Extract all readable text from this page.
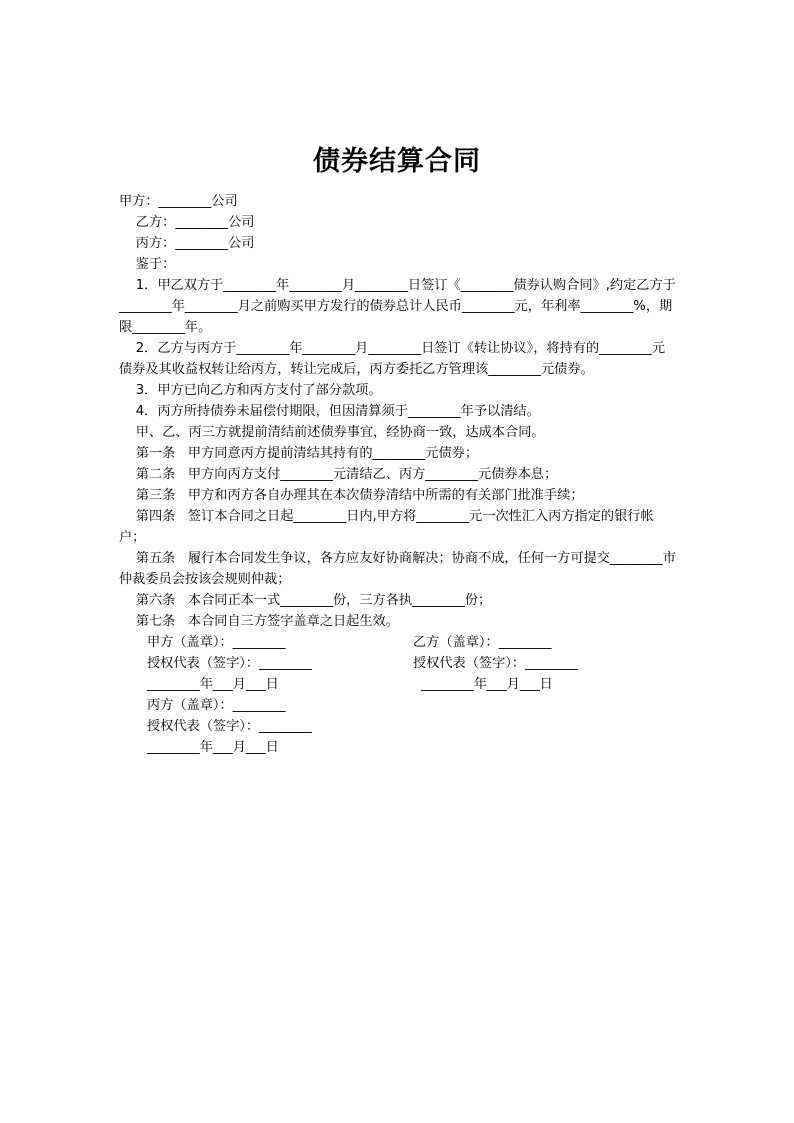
债券结算合同

甲方：________公司

乙方：________公司

丙方：________公司

鉴于：

1．甲乙双方于________年________月________日签订《________债券认购合同》,约定乙方于________年________月之前购买甲方发行的债券总计人民币________元，年利率________%，期限________年。

2．乙方与丙方于________年________月________日签订《转让协议》，将持有的________元债券及其收益权转让给丙方，转让完成后，丙方委托乙方管理该________元债券。

3．甲方已向乙方和丙方支付了部分款项。

4．丙方所持债券未届偿付期限，但因清算须于________年予以清结。

甲、乙、丙三方就提前清结前述债券事宜，经协商一致，达成本合同。

第一条   甲方同意丙方提前清结其持有的________元债券；

第二条   甲方向丙方支付________元清结乙、丙方________元债券本息；

第三条   甲方和丙方各自办理其在本次债券清结中所需的有关部门批准手续；

第四条   签订本合同之日起________日内,甲方将________元一次性汇入丙方指定的银行帐户；

第五条   履行本合同发生争议，各方应友好协商解决；协商不成，任何一方可提交________市仲裁委员会按该会规则仲裁；

第六条   本合同正本一式________份，三方各执________份；

第七条   本合同自三方签字盖章之日起生效。

甲方（盖章）：________	乙方（盖章）：________
授权代表（签字）：________	授权代表（签字）：________
________年___月___日	________年___月___日
丙方（盖章）：________
授权代表（签字）：________
________年___月___日
